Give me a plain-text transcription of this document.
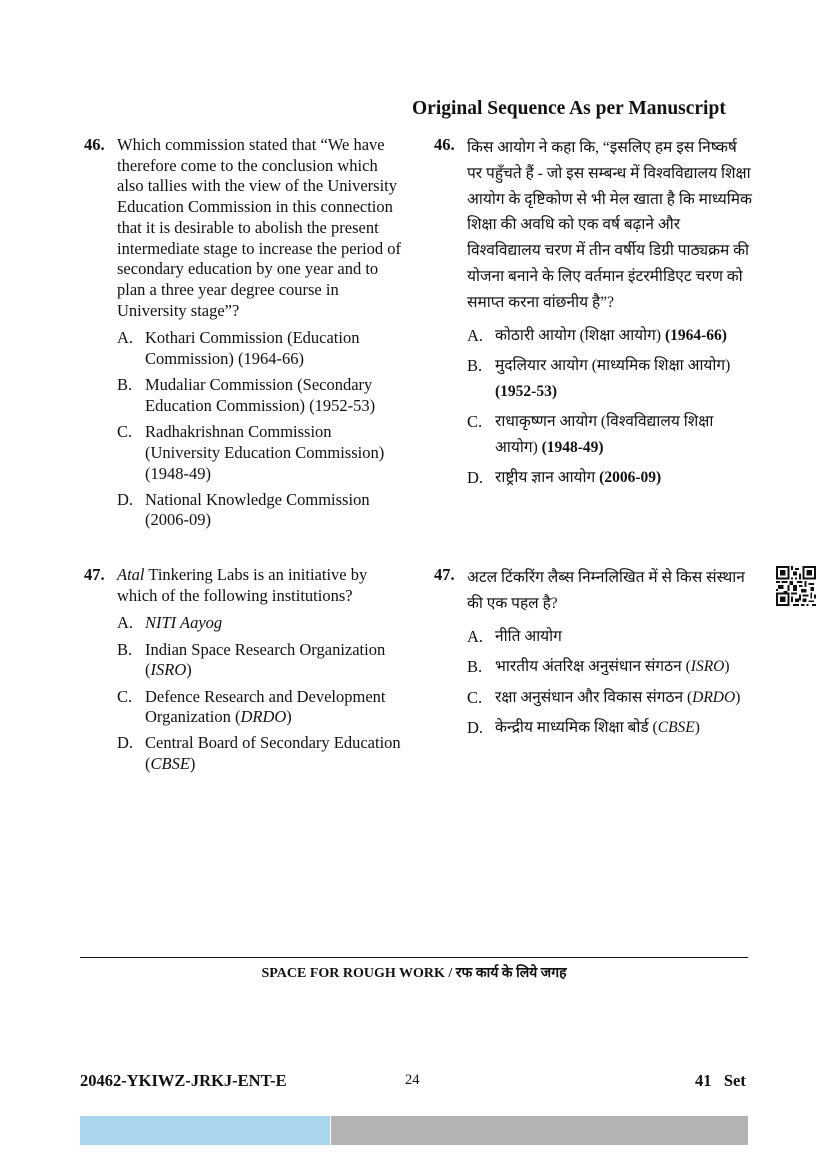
Original Sequence As per Manuscript
46. Which commission stated that “We have therefore come to the conclusion which also tallies with the view of the University Education Commission in this connection that it is desirable to abolish the present intermediate stage to increase the period of secondary education by one year and to plan a three year degree course in University stage”?
A. Kothari Commission (Education Commission) (1964-66)
B. Mudaliar Commission (Secondary Education Commission) (1952-53)
C. Radhakrishnan Commission (University Education Commission) (1948-49)
D. National Knowledge Commission (2006-09)
47. Atal Tinkering Labs is an initiative by which of the following institutions?
A. NITI Aayog
B. Indian Space Research Organization (ISRO)
C. Defence Research and Development Organization (DRDO)
D. Central Board of Secondary Education (CBSE)
46. किस आयोग ने कहा कि, “इसलिए हम इस निष्कर्ष पर पहुँचते हैं - जो इस सम्बन्ध में विश्वविद्यालय शिक्षा आयोग के दृष्टिकोण से भी मेल खाता है कि माध्यमिक शिक्षा की अवधि को एक वर्ष बढ़ाने और विश्वविद्यालय चरण में तीन वर्षीय डिग्री पाठ्यक्रम की योजना बनाने के लिए वर्तमान इंटरमीडिएट चरण को समाप्त करना वांछनीय है”?
A. कोठारी आयोग (शिक्षा आयोग) (1964-66)
B. मुदलियार आयोग (माध्यमिक शिक्षा आयोग) (1952-53)
C. राधाकृष्णन आयोग (विश्वविद्यालय शिक्षा आयोग) (1948-49)
D. राष्ट्रीय ज्ञान आयोग (2006-09)
47. अटल टिंकरिंग लैब्स निम्नलिखित में से किस संस्थान की एक पहल है?
A. नीति आयोग
B. भारतीय अंतरिक्ष अनुसंधान संगठन (ISRO)
C. रक्षा अनुसंधान और विकास संगठन (DRDO)
D. केन्द्रीय माध्यमिक शिक्षा बोर्ड (CBSE)
SPACE FOR ROUGH WORK / रफ कार्य के लिये जगह
20462-YKIWZ-JRKJ-ENT-E	24	41   Set
